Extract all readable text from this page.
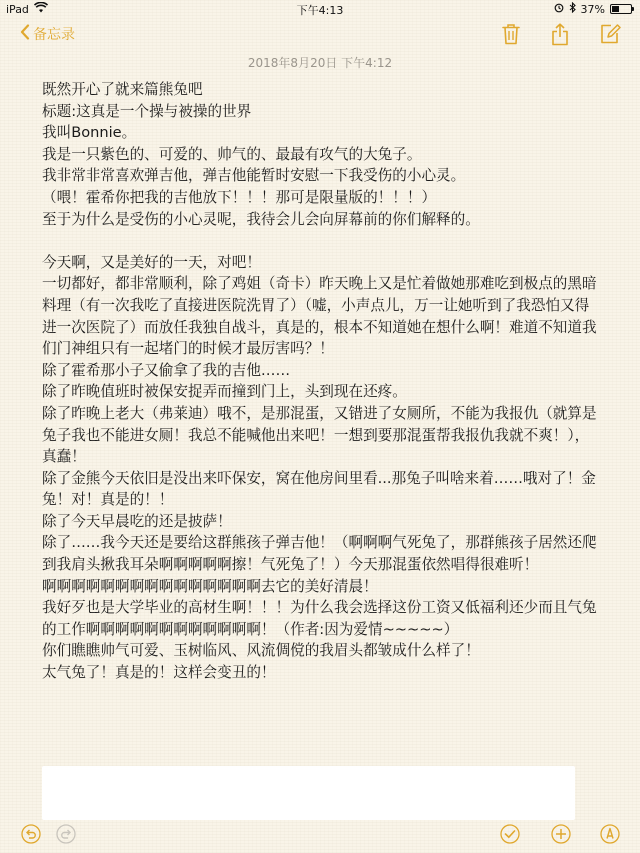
iPad	下午4:13	37%
备忘录
2018年8月20日 下午4:12
既然开心了就来篇熊兔吧
标题:这真是一个操与被操的世界
我叫Bonnie。
我是一只紫色的、可爱的、帅气的、最最有攻气的大兔子。
我非常非常喜欢弹吉他，弹吉他能暂时安慰一下我受伤的小心灵。
（喂！霍希你把我的吉他放下！！！那可是限量版的！！！）
至于为什么是受伤的小心灵呢，我待会儿会向屏幕前的你们解释的。
今天啊，又是美好的一天，对吧！
一切都好，都非常顺利，除了鸡姐（奇卡）昨天晚上又是忙着做她那难吃到极点的黑暗料理（有一次我吃了直接进医院洗胃了）（嘘，小声点儿，万一让她听到了我恐怕又得进一次医院了）而放任我独自战斗，真是的，根本不知道她在想什么啊！难道不知道我们门神组只有一起堵门的时候才最厉害吗？！
除了霍希那小子又偷拿了我的吉他……
除了昨晚值班时被保安捉弄而撞到门上，头到现在还疼。
除了昨晚上老大（弗莱迪）哦不，是那混蛋，又错进了女厕所，不能为我报仇（就算是兔子我也不能进女厕！我总不能喊他出来吧！一想到要那混蛋帮我报仇我就不爽！），真蠢！
除了金熊今天依旧是没出来吓保安，窝在他房间里看...那兔子叫啥来着……哦对了！金兔！对！真是的！！
除了今天早晨吃的还是披萨！
除了……我今天还是要给这群熊孩子弹吉他！（啊啊啊气死兔了，那群熊孩子居然还爬到我肩头揪我耳朵啊啊啊啊啊擦！气死兔了！）今天那混蛋依然唱得很难听！
啊啊啊啊啊啊啊啊啊啊啊啊啊啊啊去它的美好清晨！
我好歹也是大学毕业的高材生啊！！！为什么我会选择这份工资又低福利还少而且气兔的工作啊啊啊啊啊啊啊啊啊啊啊啊！（作者:因为爱情~~~~~）
你们瞧瞧帅气可爱、玉树临风、风流倜傥的我眉头都皱成什么样了！
太气兔了！真是的！这样会变丑的！
